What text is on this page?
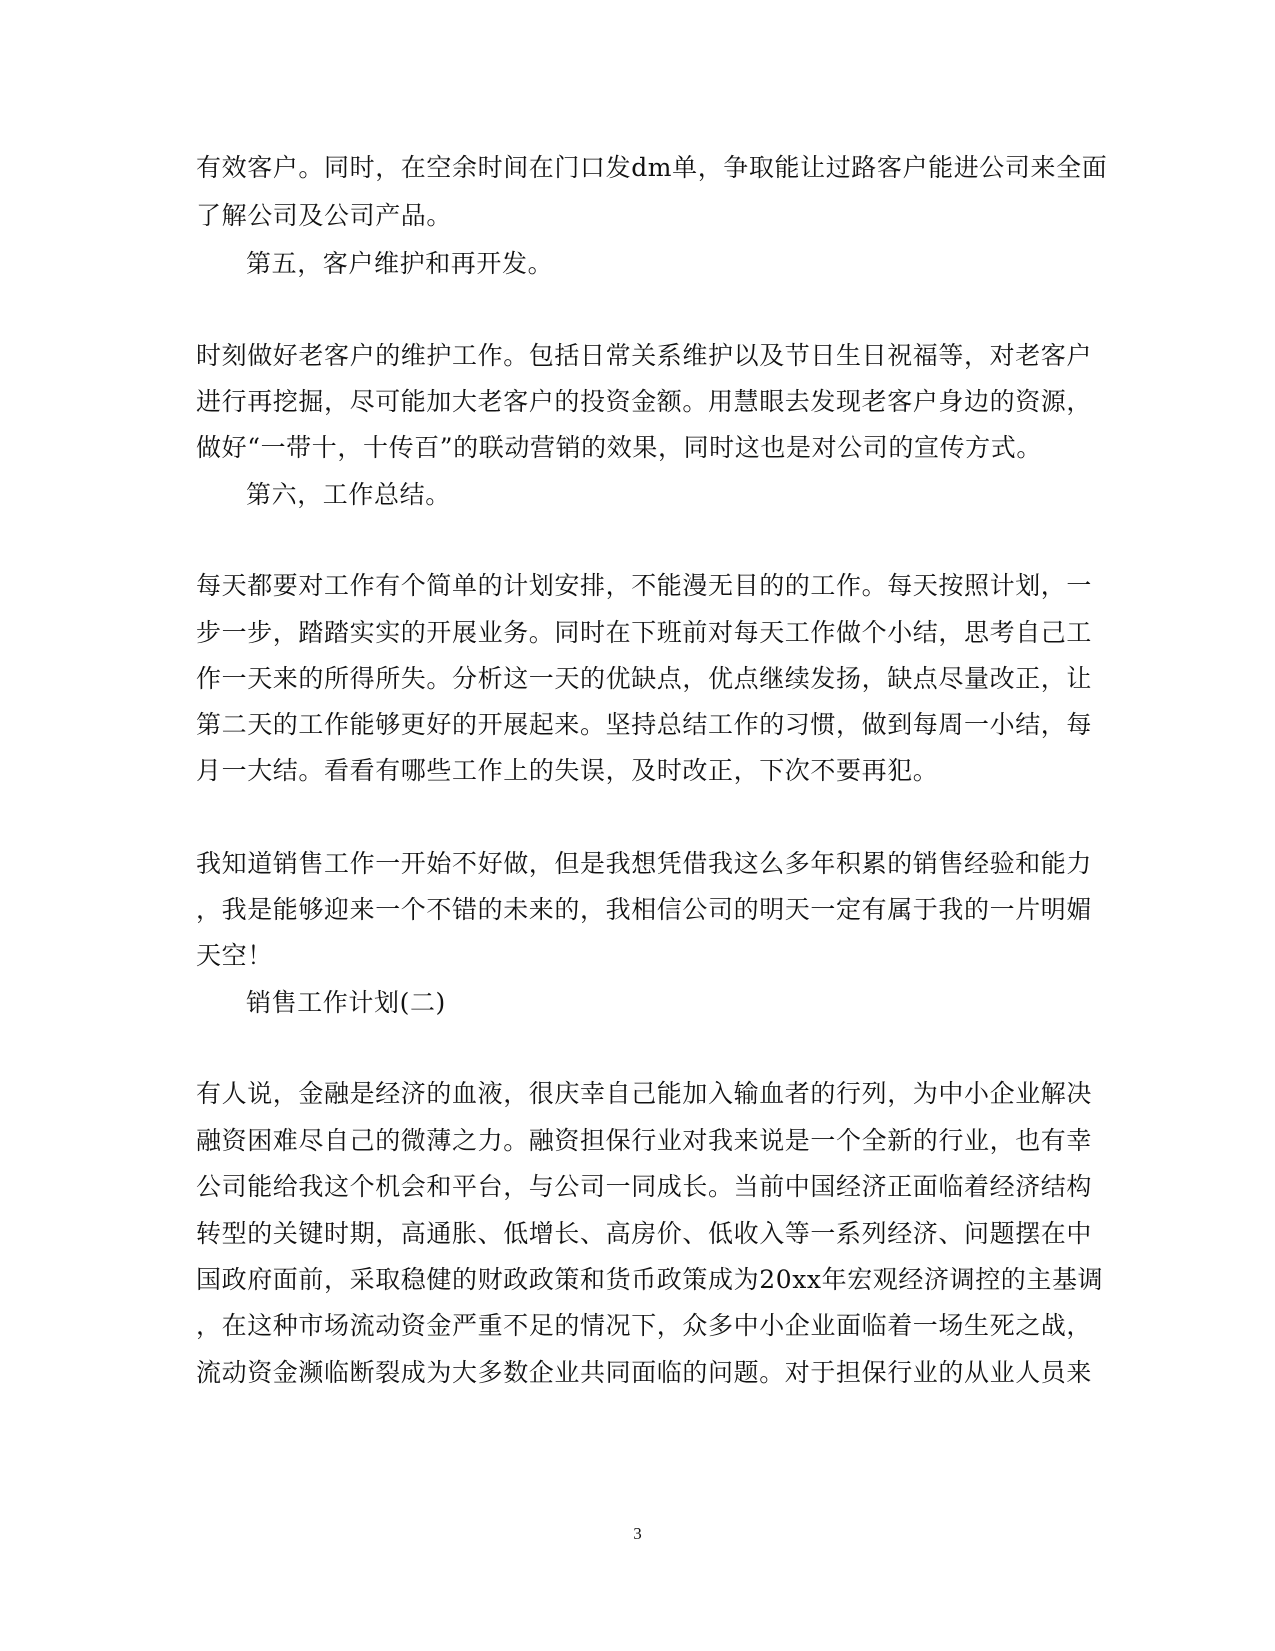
有效客户。同时，在空余时间在门口发dm单，争取能让过路客户能进公司来全面
了解公司及公司产品。
第五，客户维护和再开发。
时刻做好老客户的维护工作。包括日常关系维护以及节日生日祝福等，对老客户
进行再挖掘，尽可能加大老客户的投资金额。用慧眼去发现老客户身边的资源，
做好“一带十，十传百”的联动营销的效果，同时这也是对公司的宣传方式。
第六，工作总结。
每天都要对工作有个简单的计划安排，不能漫无目的的工作。每天按照计划，一
步一步，踏踏实实的开展业务。同时在下班前对每天工作做个小结，思考自己工
作一天来的所得所失。分析这一天的优缺点，优点继续发扬，缺点尽量改正，让
第二天的工作能够更好的开展起来。坚持总结工作的习惯，做到每周一小结，每
月一大结。看看有哪些工作上的失误，及时改正，下次不要再犯。
我知道销售工作一开始不好做，但是我想凭借我这么多年积累的销售经验和能力
，我是能够迎来一个不错的未来的，我相信公司的明天一定有属于我的一片明媚
天空！
销售工作计划(二)
有人说，金融是经济的血液，很庆幸自己能加入输血者的行列，为中小企业解决
融资困难尽自己的微薄之力。融资担保行业对我来说是一个全新的行业，也有幸
公司能给我这个机会和平台，与公司一同成长。当前中国经济正面临着经济结构
转型的关键时期，高通胀、低增长、高房价、低收入等一系列经济、问题摆在中
国政府面前，采取稳健的财政政策和货币政策成为20xx年宏观经济调控的主基调
，在这种市场流动资金严重不足的情况下，众多中小企业面临着一场生死之战，
流动资金濒临断裂成为大多数企业共同面临的问题。对于担保行业的从业人员来
3
